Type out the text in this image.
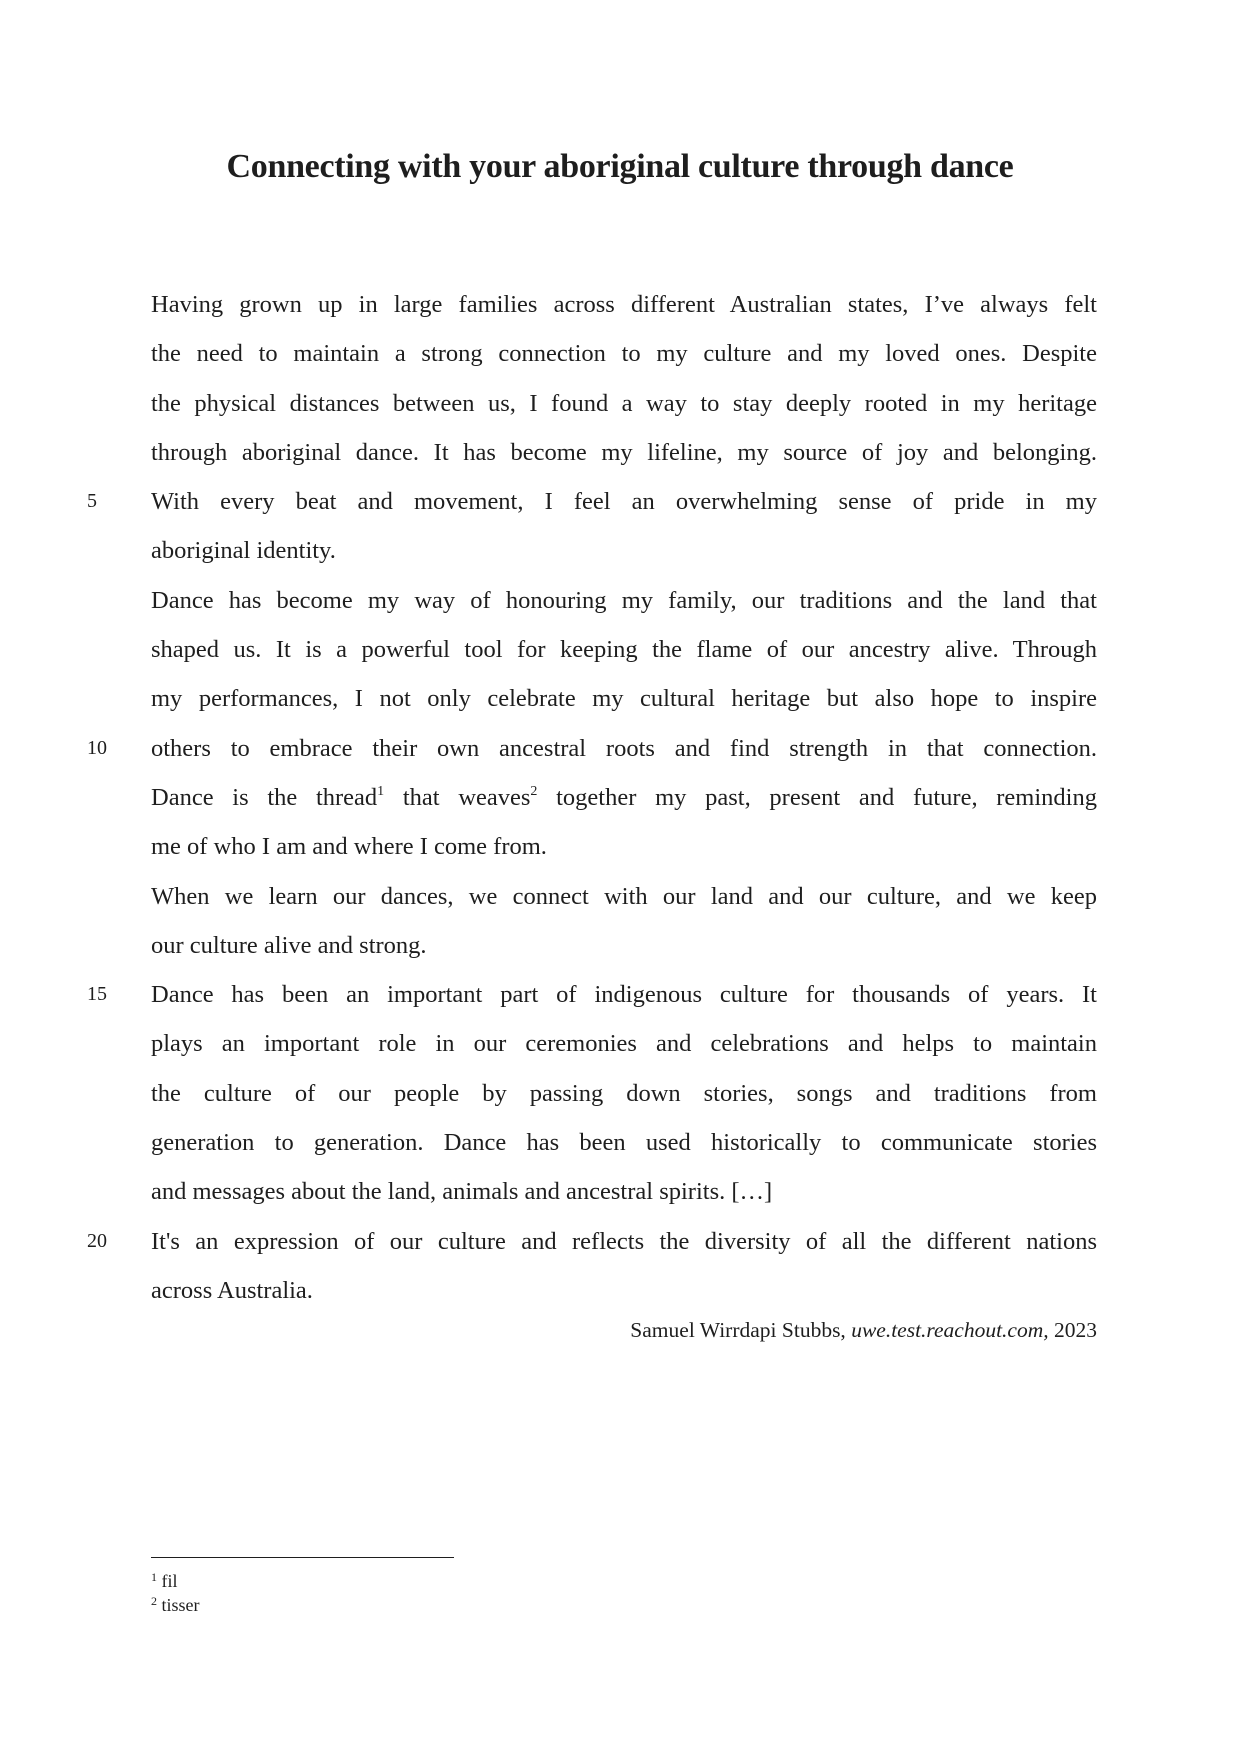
Connecting with your aboriginal culture through dance
Having grown up in large families across different Australian states, I’ve always felt
the need to maintain a strong connection to my culture and my loved ones. Despite
the physical distances between us, I found a way to stay deeply rooted in my heritage
through aboriginal dance. It has become my lifeline, my source of joy and belonging.
5	With every beat and movement, I feel an overwhelming sense of pride in my
aboriginal identity.
Dance has become my way of honouring my family, our traditions and the land that
shaped us. It is a powerful tool for keeping the flame of our ancestry alive. Through
my performances, I not only celebrate my cultural heritage but also hope to inspire
10	others to embrace their own ancestral roots and find strength in that connection.
Dance is the thread$^1$ that weaves$^2$ together my past, present and future, reminding
me of who I am and where I come from.
When we learn our dances, we connect with our land and our culture, and we keep
our culture alive and strong.
15	Dance has been an important part of indigenous culture for thousands of years. It
plays an important role in our ceremonies and celebrations and helps to maintain
the culture of our people by passing down stories, songs and traditions from
generation to generation. Dance has been used historically to communicate stories
and messages about the land, animals and ancestral spirits. […]
20	It's an expression of our culture and reflects the diversity of all the different nations
across Australia.
Samuel Wirrdapi Stubbs, uwe.test.reachout.com, 2023
$^1$ fil
$^2$ tisser
